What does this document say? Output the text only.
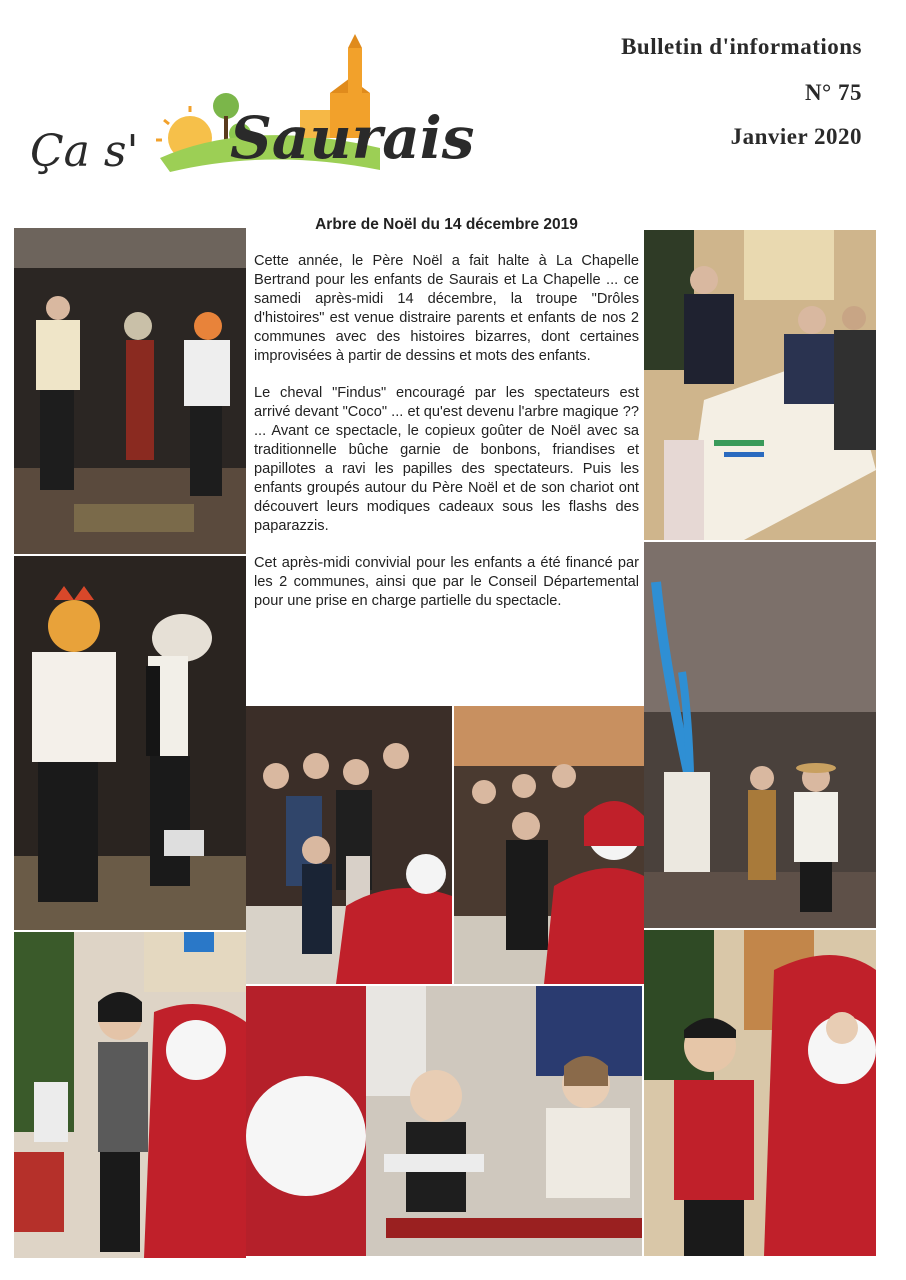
Ça s' Saurais
Bulletin d'informations
N° 75
Janvier 2020
Arbre de Noël du 14 décembre 2019

Cette année, le Père Noël a fait halte à La Chapelle Bertrand pour les enfants de Saurais et La Chapelle ... ce samedi après-midi 14 décembre, la troupe "Drôles d'histoires" est venue distraire parents et enfants de nos 2 communes avec des histoires bizarres, dont certaines improvisées à partir de dessins et mots des enfants.

Le cheval "Findus" encouragé par les spectateurs est arrivé devant "Coco" ... et qu'est devenu l'arbre magique ?? ... Avant ce spectacle, le copieux goûter de Noël avec sa traditionnelle bûche garnie de bonbons, friandises et papillotes a ravi les papilles des spectateurs. Puis les enfants groupés autour du Père Noël et de son chariot ont découvert leurs modiques cadeaux sous les flashs des paparazzis.

Cet après-midi convivial pour les enfants a été financé par les 2 communes, ainsi que par le Conseil Départemental pour une prise en charge partielle du spectacle.
